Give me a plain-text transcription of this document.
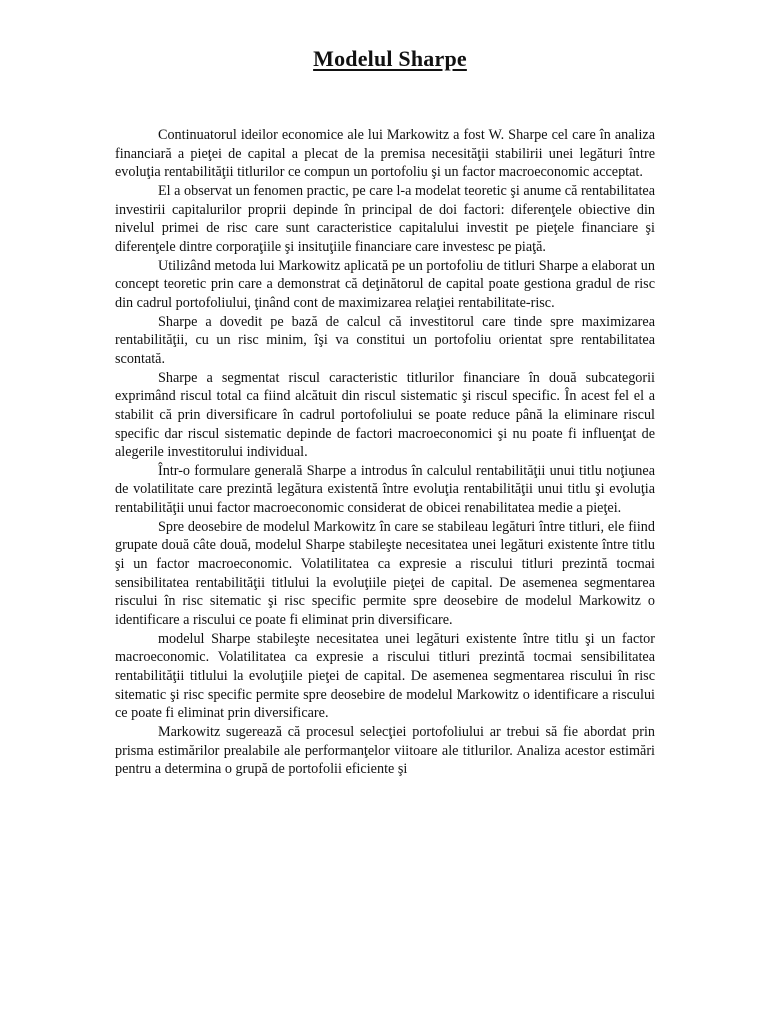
Modelul Sharpe

Continuatorul ideilor economice ale lui Markowitz a fost W. Sharpe cel care în analiza financiară a pieţei de capital a plecat de la premisa necesităţii stabilirii unei legături între evoluţia rentabilităţii titlurilor ce compun un portofoliu şi un factor macroeconomic acceptat.

El a observat un fenomen practic, pe care l-a modelat teoretic şi anume că rentabilitatea investirii capitalurilor proprii depinde în principal de doi factori: diferenţele obiective din nivelul primei de risc care sunt caracteristice capitalului investit pe pieţele financiare şi diferenţele dintre corporaţiile şi insituţiile financiare care investesc pe piaţă.

Utilizând metoda lui Markowitz aplicată pe un portofoliu de titluri Sharpe a elaborat un concept teoretic prin care a demonstrat că deţinătorul de capital poate gestiona gradul de risc din cadrul portofoliului, ţinând cont de maximizarea relaţiei rentabilitate-risc.

Sharpe a dovedit pe bază de calcul că investitorul care tinde spre maximizarea rentabilităţii, cu un risc minim, îşi va constitui un portofoliu orientat spre rentabilitatea scontată.

Sharpe a segmentat riscul caracteristic titlurilor financiare în două subcategorii exprimând riscul total ca fiind alcătuit din riscul sistematic şi riscul specific. În acest fel el a stabilit că prin diversificare în cadrul portofoliului se poate reduce până la eliminare riscul specific dar riscul sistematic depinde de factori macroeconomici şi nu poate fi influenţat de alegerile investitorului individual.

Într-o formulare generală Sharpe a introdus în calculul rentabilităţii unui titlu noţiunea de volatilitate care prezintă legătura existentă între evoluţia rentabilităţii unui titlu şi evoluţia rentabilităţii unui factor macroeconomic considerat de obicei renabilitatea medie a pieţei.

Spre deosebire de modelul Markowitz în care se stabileau legături între titluri, ele fiind grupate două câte două, modelul Sharpe stabileşte necesitatea unei legături existente între titlu şi un factor macroeconomic. Volatilitatea ca expresie a riscului titluri prezintă tocmai sensibilitatea rentabilităţii titlului la evoluţiile pieţei de capital. De asemenea segmentarea riscului în risc sitematic şi risc specific permite spre deosebire de modelul Markowitz o identificare a riscului ce poate fi eliminat prin diversificare.

modelul Sharpe stabileşte necesitatea unei legături existente între titlu şi un factor macroeconomic. Volatilitatea ca expresie a riscului titluri prezintă tocmai sensibilitatea rentabilităţii titlului la evoluţiile pieţei de capital. De asemenea segmentarea riscului în risc sitematic şi risc specific permite spre deosebire de modelul Markowitz o identificare a riscului ce poate fi eliminat prin diversificare.

Markowitz sugerează că procesul selecţiei portofoliului ar trebui să fie abordat prin prisma estimărilor prealabile ale performanţelor viitoare ale titlurilor. Analiza acestor estimări pentru a determina o grupă de portofolii eficiente şi
